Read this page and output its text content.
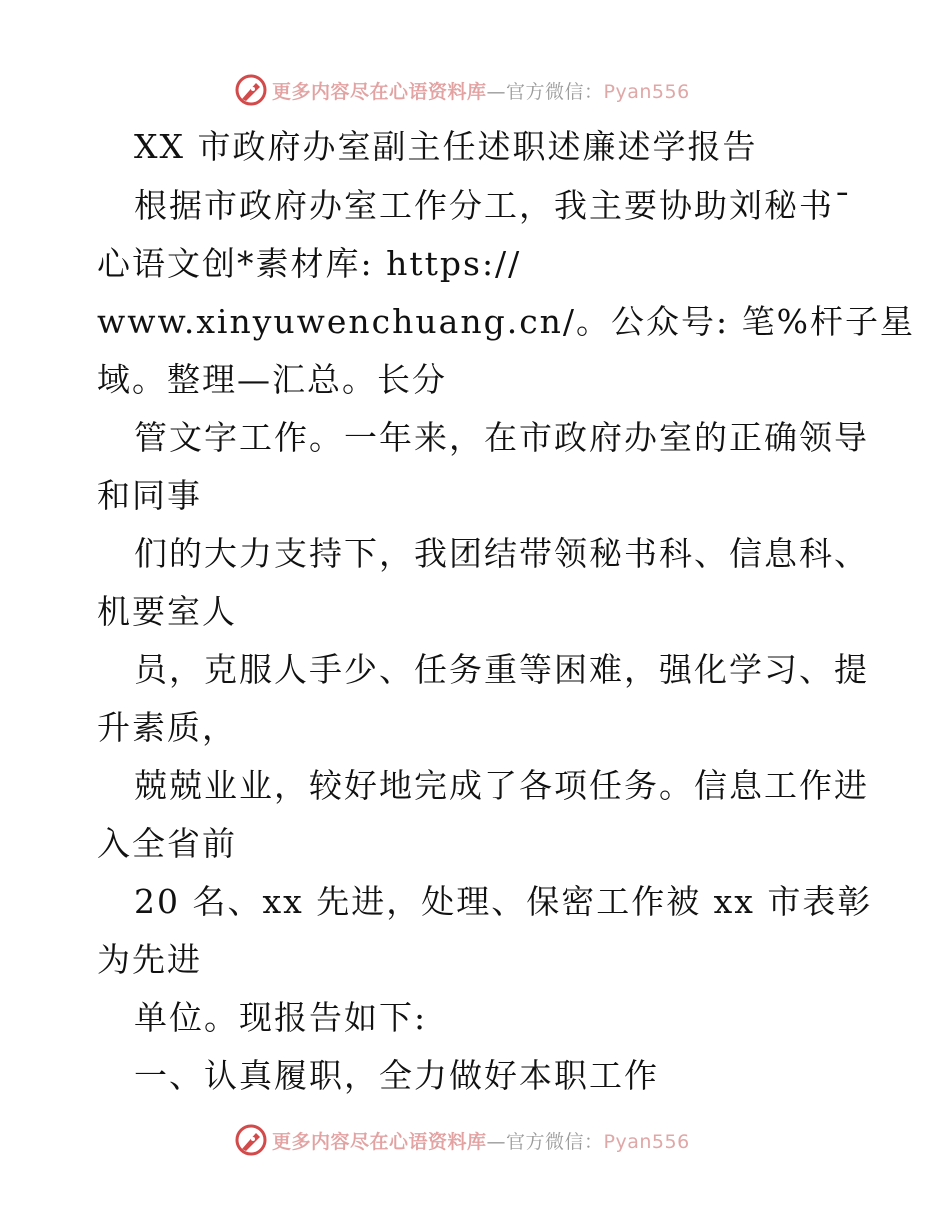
更多内容尽在心语资料库—官方微信：Pyan556
XX 市政府办室副主任述职述廉述学报告
根据市政府办室工作分工，我主要协助刘秘书¯
心语文创*素材库: https://
www.xinyuwenchuang.cn/。公众号: 笔%杆子星
域。整理—汇总。长分
管文字工作。一年来，在市政府办室的正确领导
和同事
们的大力支持下，我团结带领秘书科、信息科、
机要室人
员，克服人手少、任务重等困难，强化学习、提
升素质，
兢兢业业，较好地完成了各项任务。信息工作进
入全省前
20 名、xx 先进，处理、保密工作被 xx 市表彰
为先进
单位。现报告如下:
一、认真履职，全力做好本职工作
更多内容尽在心语资料库—官方微信：Pyan556
